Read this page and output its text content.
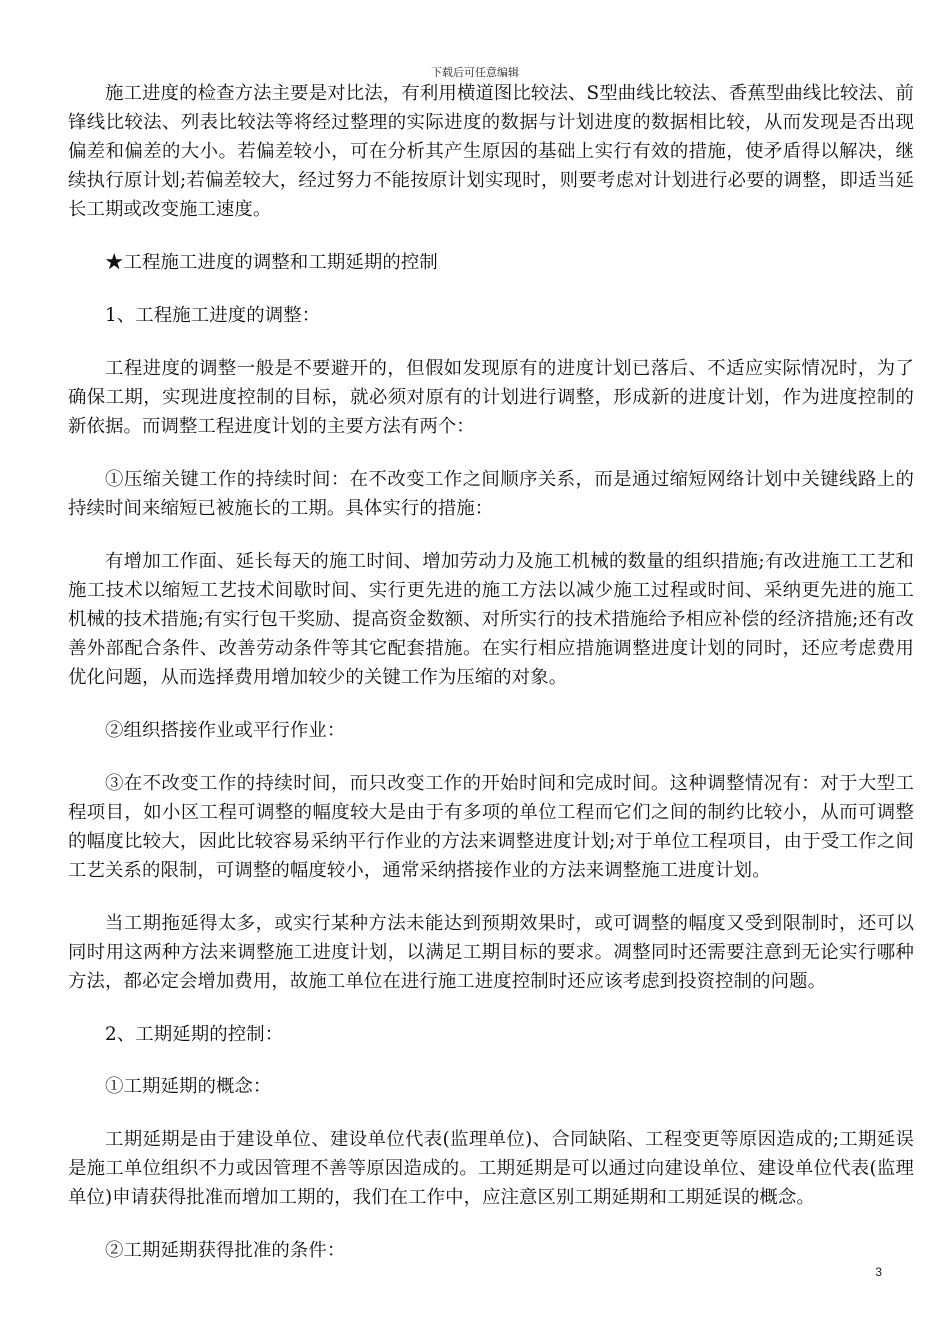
下载后可任意编辑

施工进度的检查方法主要是对比法，有利用横道图比较法、S型曲线比较法、香蕉型曲线比较法、前锋线比较法、列表比较法等将经过整理的实际进度的数据与计划进度的数据相比较，从而发现是否出现偏差和偏差的大小。若偏差较小，可在分析其产生原因的基础上实行有效的措施，使矛盾得以解决，继续执行原计划;若偏差较大，经过努力不能按原计划实现时，则要考虑对计划进行必要的调整，即适当延长工期或改变施工速度。

★工程施工进度的调整和工期延期的控制

1、工程施工进度的调整：

工程进度的调整一般是不要避开的，但假如发现原有的进度计划已落后、不适应实际情况时，为了确保工期，实现进度控制的目标，就必须对原有的计划进行调整，形成新的进度计划，作为进度控制的新依据。而调整工程进度计划的主要方法有两个：

①压缩关键工作的持续时间：在不改变工作之间顺序关系，而是通过缩短网络计划中关键线路上的持续时间来缩短已被施长的工期。具体实行的措施：

有增加工作面、延长每天的施工时间、增加劳动力及施工机械的数量的组织措施;有改进施工工艺和施工技术以缩短工艺技术间歇时间、实行更先进的施工方法以减少施工过程或时间、采纳更先进的施工机械的技术措施;有实行包干奖励、提高资金数额、对所实行的技术措施给予相应补偿的经济措施;还有改善外部配合条件、改善劳动条件等其它配套措施。在实行相应措施调整进度计划的同时，还应考虑费用优化问题，从而选择费用增加较少的关键工作为压缩的对象。

②组织搭接作业或平行作业：

③在不改变工作的持续时间，而只改变工作的开始时间和完成时间。这种调整情况有：对于大型工程项目，如小区工程可调整的幅度较大是由于有多项的单位工程而它们之间的制约比较小，从而可调整的幅度比较大，因此比较容易采纳平行作业的方法来调整进度计划;对于单位工程项目，由于受工作之间工艺关系的限制，可调整的幅度较小，通常采纳搭接作业的方法来调整施工进度计划。

当工期拖延得太多，或实行某种方法未能达到预期效果时，或可调整的幅度又受到限制时，还可以同时用这两种方法来调整施工进度计划，以满足工期目标的要求。凋整同时还需要注意到无论实行哪种方法，都必定会增加费用，故施工单位在进行施工进度控制时还应该考虑到投资控制的问题。

2、工期延期的控制：

①工期延期的概念：

工期延期是由于建设单位、建设单位代表(监理单位)、合同缺陷、工程变更等原因造成的;工期延误是施工单位组织不力或因管理不善等原因造成的。工期延期是可以通过向建设单位、建设单位代表(监理单位)申请获得批准而增加工期的，我们在工作中，应注意区别工期延期和工期延误的概念。

②工期延期获得批准的条件：

3
